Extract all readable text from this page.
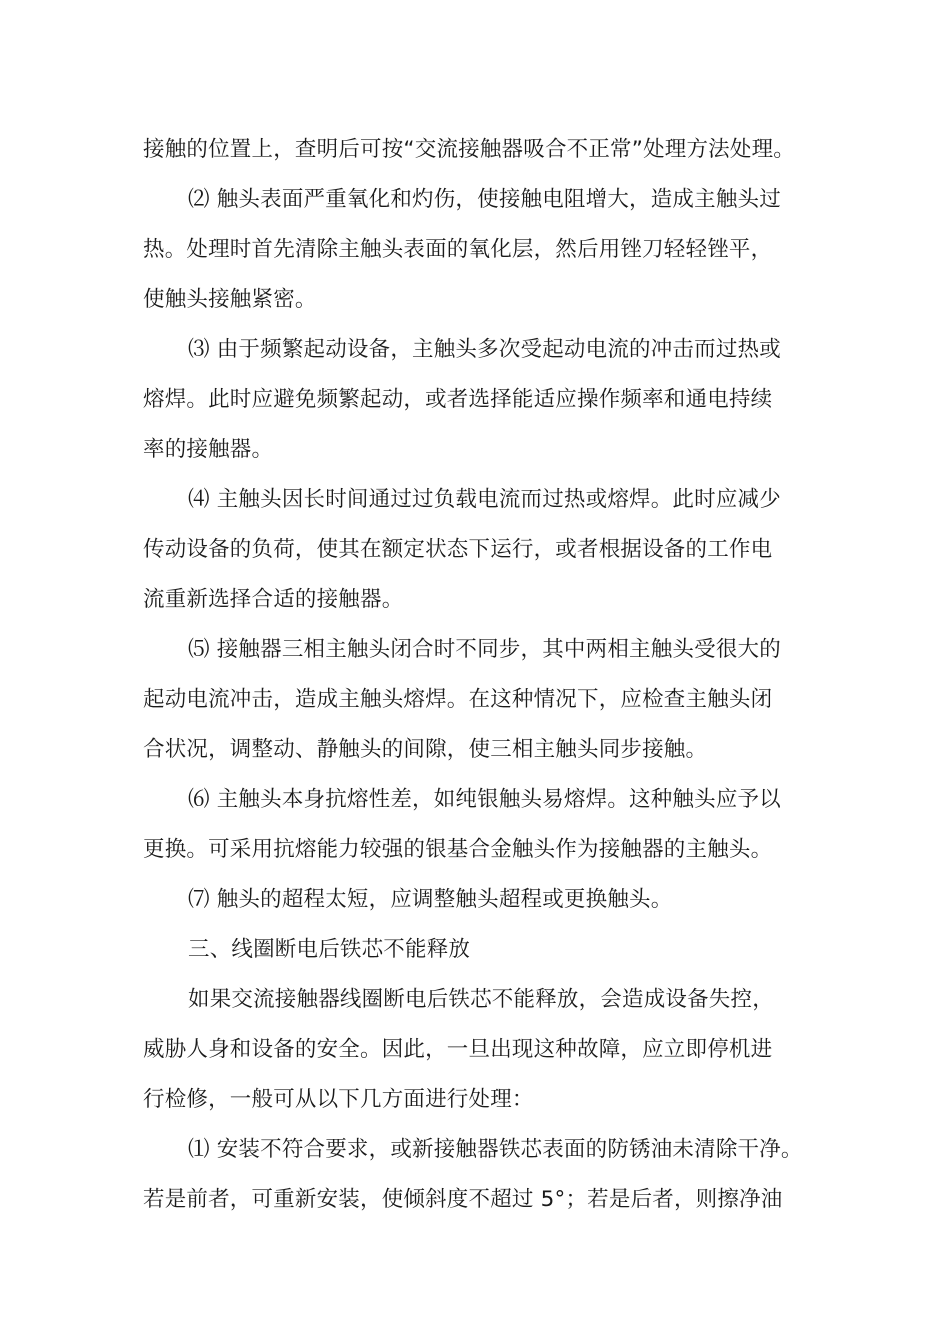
接触的位置上，查明后可按“交流接触器吸合不正常”处理方法处理。
⑵ 触头表面严重氧化和灼伤，使接触电阻增大，造成主触头过
热。处理时首先清除主触头表面的氧化层，然后用锉刀轻轻锉平，
使触头接触紧密。
⑶ 由于频繁起动设备，主触头多次受起动电流的冲击而过热或
熔焊。此时应避免频繁起动，或者选择能适应操作频率和通电持续
率的接触器。
⑷ 主触头因长时间通过过负载电流而过热或熔焊。此时应减少
传动设备的负荷，使其在额定状态下运行，或者根据设备的工作电
流重新选择合适的接触器。
⑸ 接触器三相主触头闭合时不同步，其中两相主触头受很大的
起动电流冲击，造成主触头熔焊。在这种情况下，应检查主触头闭
合状况，调整动、静触头的间隙，使三相主触头同步接触。
⑹ 主触头本身抗熔性差，如纯银触头易熔焊。这种触头应予以
更换。可采用抗熔能力较强的银基合金触头作为接触器的主触头。
⑺ 触头的超程太短，应调整触头超程或更换触头。
三、线圈断电后铁芯不能释放
如果交流接触器线圈断电后铁芯不能释放，会造成设备失控，
威胁人身和设备的安全。因此，一旦出现这种故障，应立即停机进
行检修，一般可从以下几方面进行处理：
⑴ 安装不符合要求，或新接触器铁芯表面的防锈油未清除干净。
若是前者，可重新安装，使倾斜度不超过 5°；若是后者，则擦净油
